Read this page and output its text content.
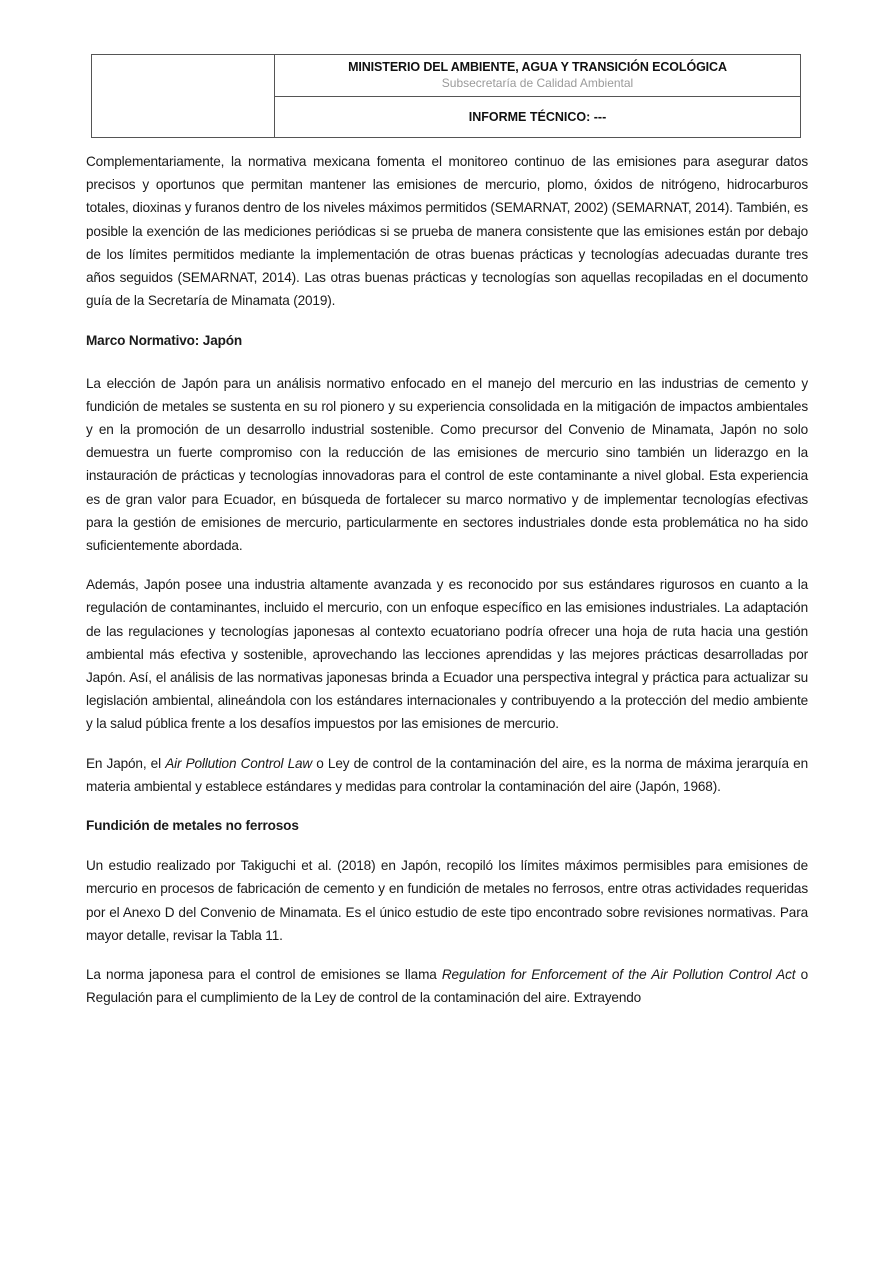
MINISTERIO DEL AMBIENTE, AGUA Y TRANSICIÓN ECOLÓGICA
Subsecretaría de Calidad Ambiental
INFORME TÉCNICO: ---

Complementariamente, la normativa mexicana fomenta el monitoreo continuo de las emisiones para asegurar datos precisos y oportunos que permitan mantener las emisiones de mercurio, plomo, óxidos de nitrógeno, hidrocarburos totales, dioxinas y furanos dentro de los niveles máximos permitidos (SEMARNAT, 2002) (SEMARNAT, 2014). También, es posible la exención de las mediciones periódicas si se prueba de manera consistente que las emisiones están por debajo de los límites permitidos mediante la implementación de otras buenas prácticas y tecnologías adecuadas durante tres años seguidos (SEMARNAT, 2014). Las otras buenas prácticas y tecnologías son aquellas recopiladas en el documento guía de la Secretaría de Minamata (2019).

Marco Normativo: Japón

La elección de Japón para un análisis normativo enfocado en el manejo del mercurio en las industrias de cemento y fundición de metales se sustenta en su rol pionero y su experiencia consolidada en la mitigación de impactos ambientales y en la promoción de un desarrollo industrial sostenible. Como precursor del Convenio de Minamata, Japón no solo demuestra un fuerte compromiso con la reducción de las emisiones de mercurio sino también un liderazgo en la instauración de prácticas y tecnologías innovadoras para el control de este contaminante a nivel global. Esta experiencia es de gran valor para Ecuador, en búsqueda de fortalecer su marco normativo y de implementar tecnologías efectivas para la gestión de emisiones de mercurio, particularmente en sectores industriales donde esta problemática no ha sido suficientemente abordada.

Además, Japón posee una industria altamente avanzada y es reconocido por sus estándares rigurosos en cuanto a la regulación de contaminantes, incluido el mercurio, con un enfoque específico en las emisiones industriales. La adaptación de las regulaciones y tecnologías japonesas al contexto ecuatoriano podría ofrecer una hoja de ruta hacia una gestión ambiental más efectiva y sostenible, aprovechando las lecciones aprendidas y las mejores prácticas desarrolladas por Japón. Así, el análisis de las normativas japonesas brinda a Ecuador una perspectiva integral y práctica para actualizar su legislación ambiental, alineándola con los estándares internacionales y contribuyendo a la protección del medio ambiente y la salud pública frente a los desafíos impuestos por las emisiones de mercurio.

En Japón, el Air Pollution Control Law o Ley de control de la contaminación del aire, es la norma de máxima jerarquía en materia ambiental y establece estándares y medidas para controlar la contaminación del aire (Japón, 1968).

Fundición de metales no ferrosos

Un estudio realizado por Takiguchi et al. (2018) en Japón, recopiló los límites máximos permisibles para emisiones de mercurio en procesos de fabricación de cemento y en fundición de metales no ferrosos, entre otras actividades requeridas por el Anexo D del Convenio de Minamata. Es el único estudio de este tipo encontrado sobre revisiones normativas. Para mayor detalle, revisar la Tabla 11.

La norma japonesa para el control de emisiones se llama Regulation for Enforcement of the Air Pollution Control Act o Regulación para el cumplimiento de la Ley de control de la contaminación del aire. Extrayendo
